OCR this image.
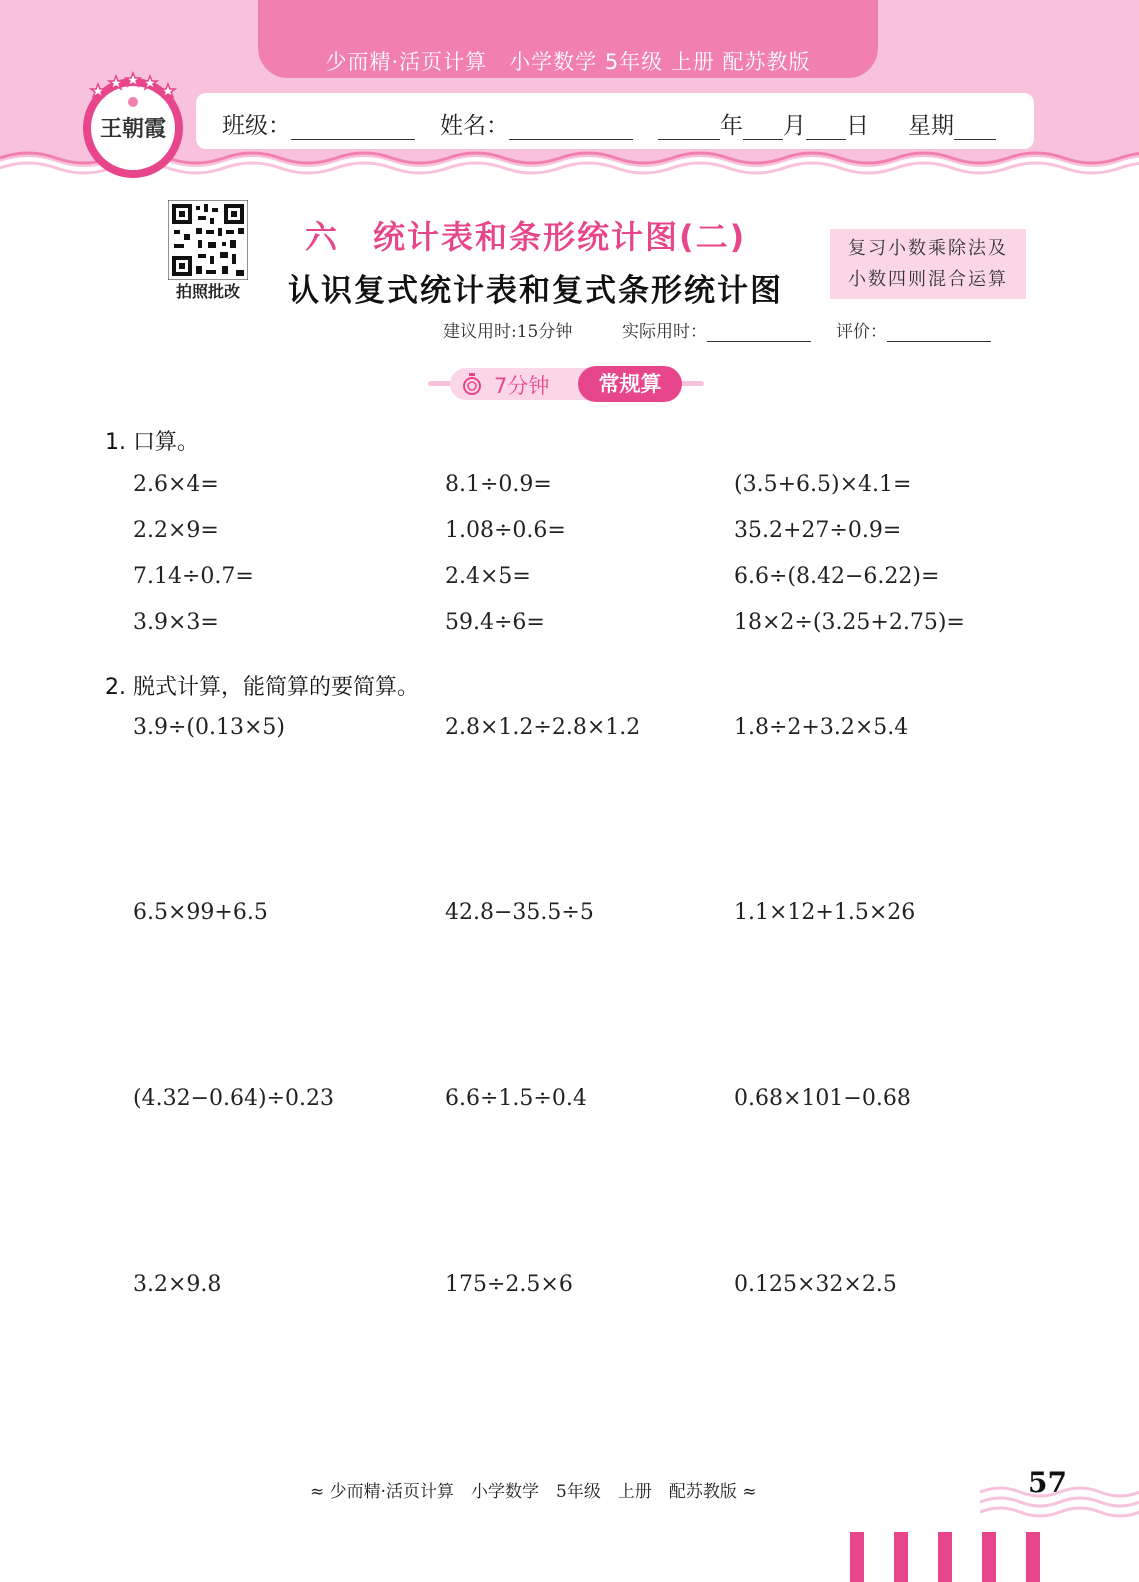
少而精·活页计算　小学数学 5年级 上册 配苏教版
班级：	姓名：	年 月 日 星期
王朝霞
拍照批改
六　统计表和条形统计图(二)
认识复式统计表和复式条形统计图
复习小数乘除法及
小数四则混合运算
建议用时:15分钟	实际用时：	评价：
7分钟	常规算
1. 口算。
2.6×4=	8.1÷0.9=	(3.5+6.5)×4.1=
2.2×9=	1.08÷0.6=	35.2+27÷0.9=
7.14÷0.7=	2.4×5=	6.6÷(8.42−6.22)=
3.9×3=	59.4÷6=	18×2÷(3.25+2.75)=
2. 脱式计算，能简算的要简算。
3.9÷(0.13×5)	2.8×1.2÷2.8×1.2	1.8÷2+3.2×5.4
6.5×99+6.5	42.8−35.5÷5	1.1×12+1.5×26
(4.32−0.64)÷0.23	6.6÷1.5÷0.4	0.68×101−0.68
3.2×9.8	175÷2.5×6	0.125×32×2.5
≈ 少而精·活页计算　小学数学　5年级　上册　配苏教版 ≈	57
